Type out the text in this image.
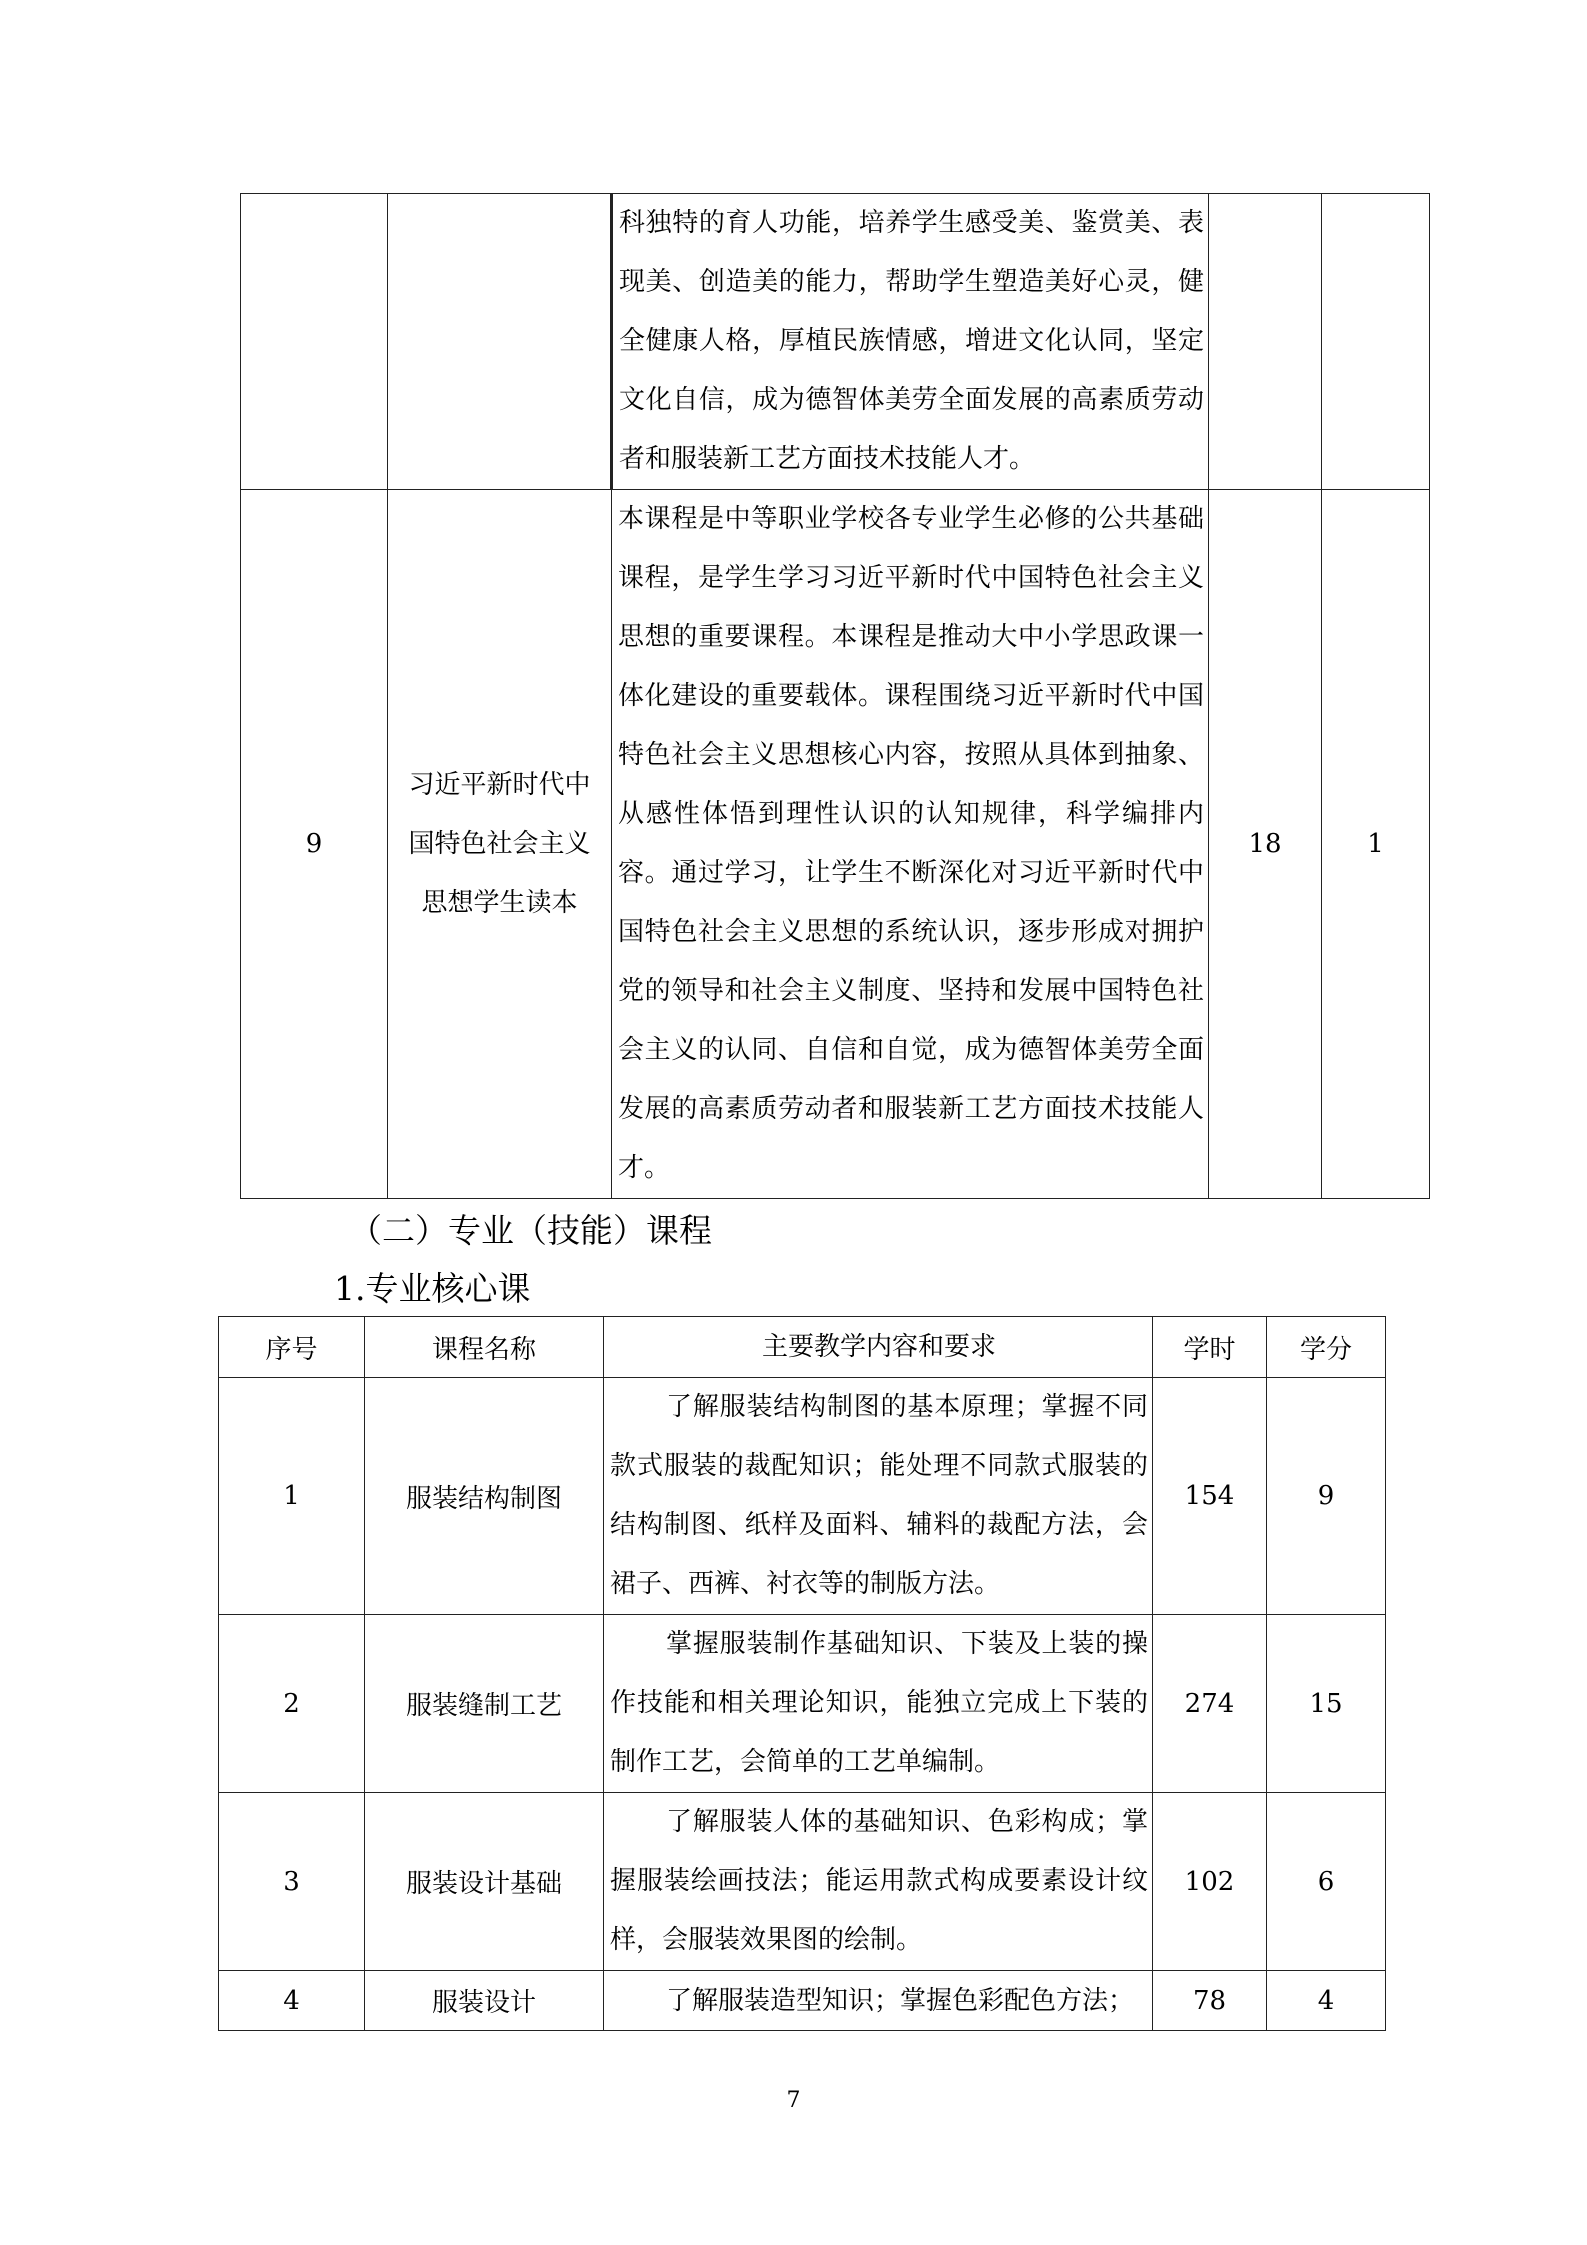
		科独特的育人功能，培养学生感受美、鉴赏美、表现美、创造美的能力，帮助学生塑造美好心灵，健全健康人格，厚植民族情感，增进文化认同，坚定文化自信，成为德智体美劳全面发展的高素质劳动者和服装新工艺方面技术技能人才。		
9	习近平新时代中国特色社会主义思想学生读本	本课程是中等职业学校各专业学生必修的公共基础课程，是学生学习习近平新时代中国特色社会主义思想的重要课程。本课程是推动大中小学思政课一体化建设的重要载体。课程围绕习近平新时代中国特色社会主义思想核心内容，按照从具体到抽象、从感性体悟到理性认识的认知规律，科学编排内容。通过学习，让学生不断深化对习近平新时代中国特色社会主义思想的系统认识，逐步形成对拥护党的领导和社会主义制度、坚持和发展中国特色社会主义的认同、自信和自觉，成为德智体美劳全面发展的高素质劳动者和服装新工艺方面技术技能人才。	18	1
（二）专业（技能）课程
1.专业核心课
序号	课程名称	主要教学内容和要求	学时	学分
1	服装结构制图	了解服装结构制图的基本原理；掌握不同款式服装的裁配知识；能处理不同款式服装的结构制图、纸样及面料、辅料的裁配方法，会裙子、西裤、衬衣等的制版方法。	154	9
2	服装缝制工艺	掌握服装制作基础知识、下装及上装的操作技能和相关理论知识，能独立完成上下装的制作工艺，会简单的工艺单编制。	274	15
3	服装设计基础	了解服装人体的基础知识、色彩构成；掌握服装绘画技法；能运用款式构成要素设计纹样，会服装效果图的绘制。	102	6
4	服装设计	了解服装造型知识；掌握色彩配色方法；	78	4
7
